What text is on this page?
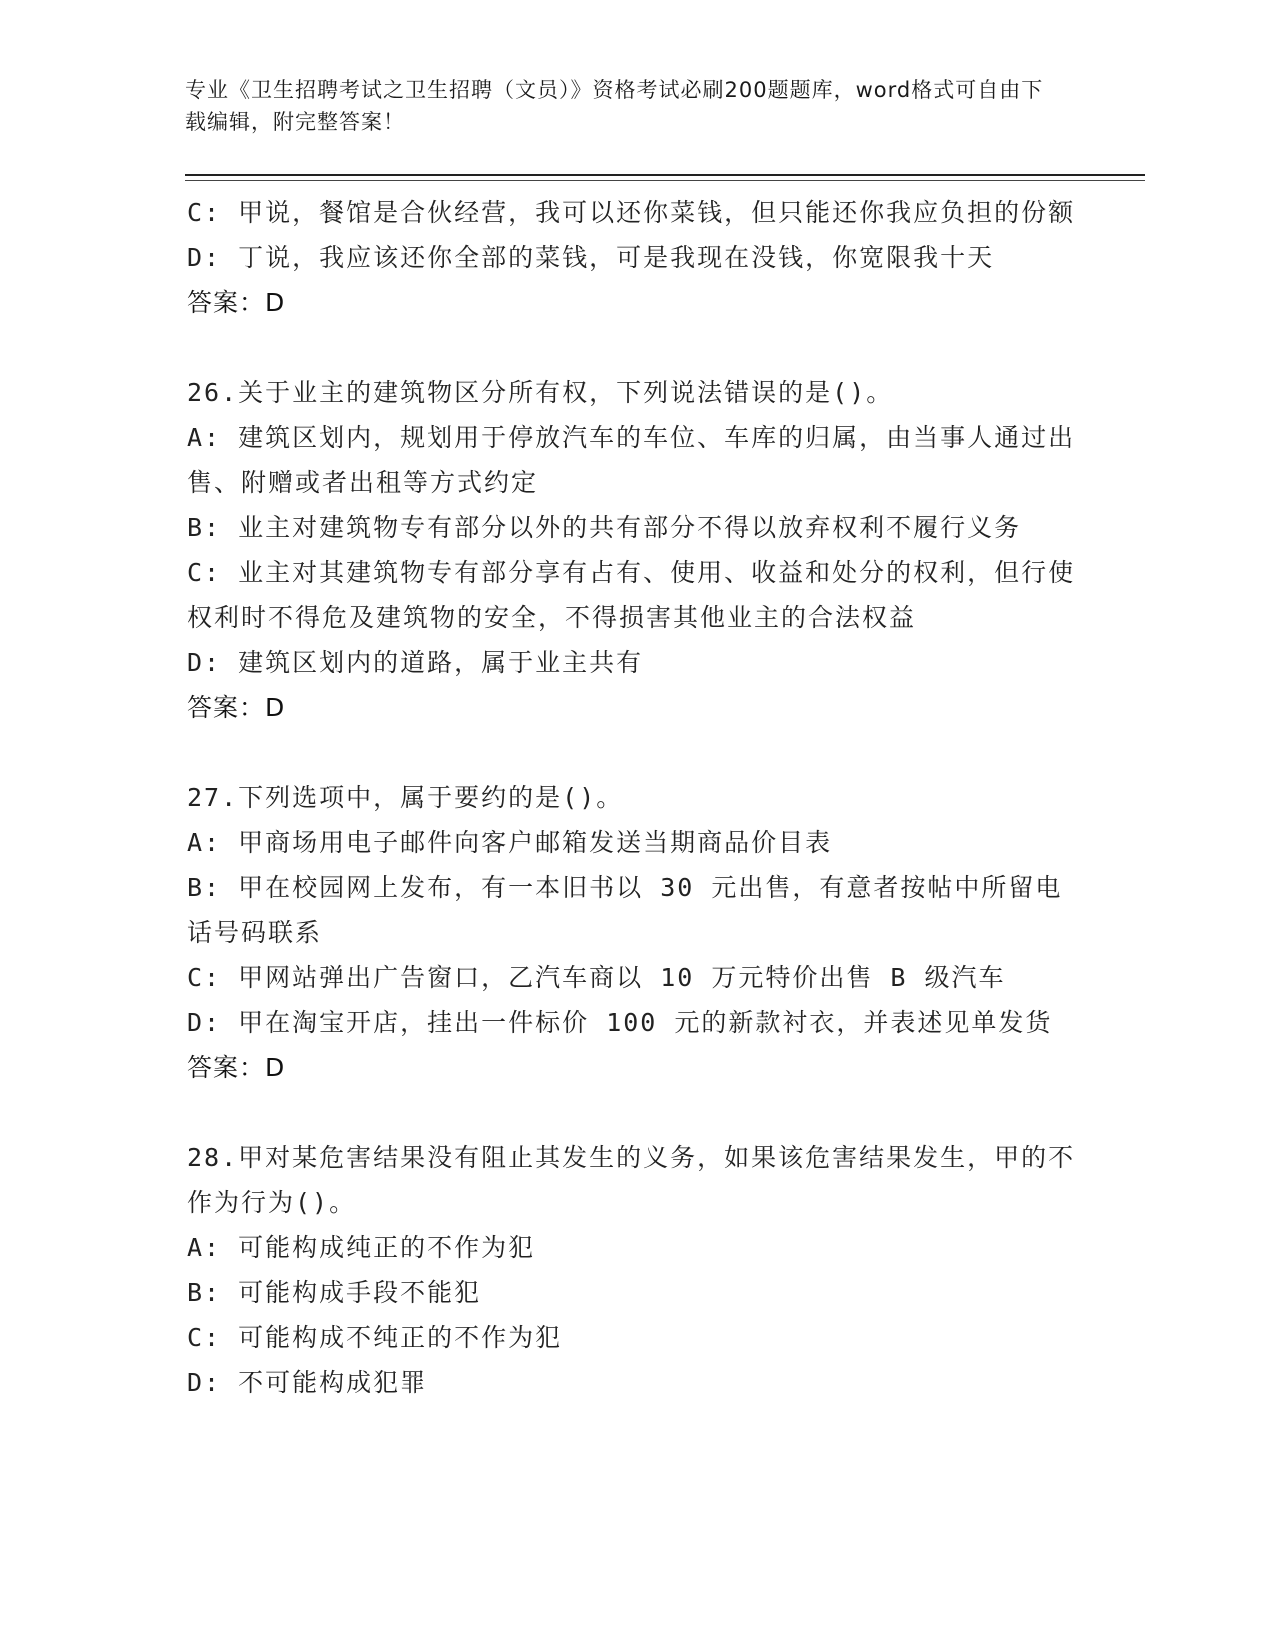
专业《卫生招聘考试之卫生招聘（文员）》资格考试必刷200题题库，word格式可自由下载编辑，附完整答案！
C: 甲说，餐馆是合伙经营，我可以还你菜钱，但只能还你我应负担的份额
D: 丁说，我应该还你全部的菜钱，可是我现在没钱，你宽限我十天
答案：D
26.关于业主的建筑物区分所有权，下列说法错误的是()。
A: 建筑区划内，规划用于停放汽车的车位、车库的归属，由当事人通过出售、附赠或者出租等方式约定
B: 业主对建筑物专有部分以外的共有部分不得以放弃权利不履行义务
C: 业主对其建筑物专有部分享有占有、使用、收益和处分的权利，但行使权利时不得危及建筑物的安全，不得损害其他业主的合法权益
D: 建筑区划内的道路，属于业主共有
答案：D
27.下列选项中，属于要约的是()。
A: 甲商场用电子邮件向客户邮箱发送当期商品价目表
B: 甲在校园网上发布，有一本旧书以 30 元出售，有意者按帖中所留电话号码联系
C: 甲网站弹出广告窗口，乙汽车商以 10 万元特价出售 B 级汽车
D: 甲在淘宝开店，挂出一件标价 100 元的新款衬衣，并表述见单发货
答案：D
28.甲对某危害结果没有阻止其发生的义务，如果该危害结果发生，甲的不作为行为()。
A: 可能构成纯正的不作为犯
B: 可能构成手段不能犯
C: 可能构成不纯正的不作为犯
D: 不可能构成犯罪
